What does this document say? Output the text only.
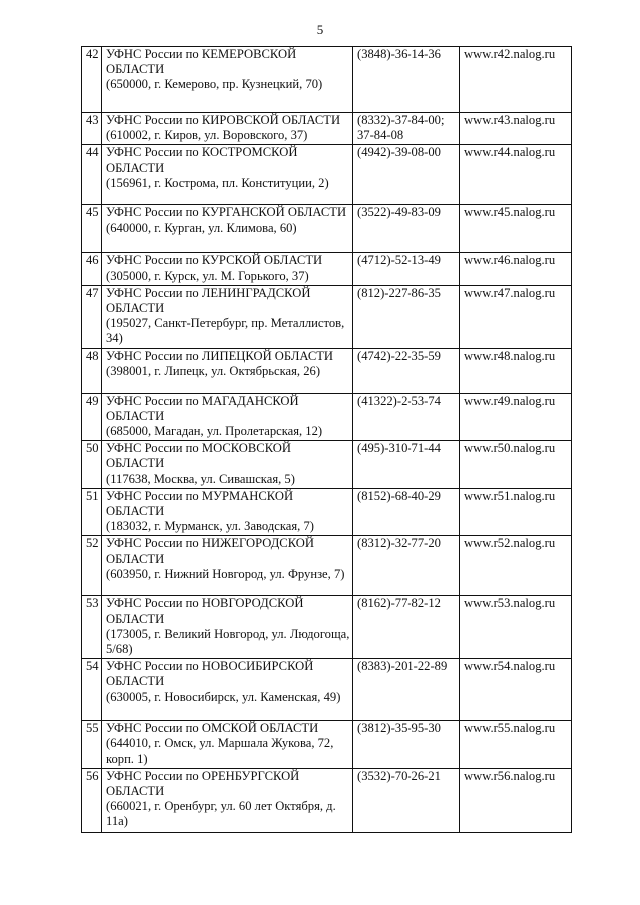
5
42	УФНС России по КЕМЕРОВСКОЙ ОБЛАСТИ
(650000, г. Кемерово, пр. Кузнецкий, 70)	(3848)-36-14-36	www.r42.nalog.ru
43	УФНС России по КИРОВСКОЙ ОБЛАСТИ
(610002, г. Киров, ул. Воровского, 37)	(8332)-37-84-00;
37-84-08	www.r43.nalog.ru
44	УФНС России по КОСТРОМСКОЙ ОБЛАСТИ
(156961, г. Кострома, пл. Конституции, 2)	(4942)-39-08-00	www.r44.nalog.ru
45	УФНС России по КУРГАНСКОЙ ОБЛАСТИ
(640000, г. Курган, ул. Климова, 60)	(3522)-49-83-09	www.r45.nalog.ru
46	УФНС России по КУРСКОЙ ОБЛАСТИ
(305000, г. Курск, ул. М. Горького, 37)	(4712)-52-13-49	www.r46.nalog.ru
47	УФНС России по ЛЕНИНГРАДСКОЙ ОБЛАСТИ
(195027, Санкт-Петербург, пр. Металлистов, 34)	(812)-227-86-35	www.r47.nalog.ru
48	УФНС России по ЛИПЕЦКОЙ ОБЛАСТИ
(398001, г. Липецк, ул. Октябрьская, 26)	(4742)-22-35-59	www.r48.nalog.ru
49	УФНС России по МАГАДАНСКОЙ ОБЛАСТИ
(685000, Магадан, ул. Пролетарская, 12)	(41322)-2-53-74	www.r49.nalog.ru
50	УФНС России по МОСКОВСКОЙ ОБЛАСТИ
(117638, Москва, ул. Сивашская, 5)	(495)-310-71-44	www.r50.nalog.ru
51	УФНС России по МУРМАНСКОЙ ОБЛАСТИ
(183032, г. Мурманск, ул. Заводская, 7)	(8152)-68-40-29	www.r51.nalog.ru
52	УФНС России по НИЖЕГОРОДСКОЙ ОБЛАСТИ
(603950, г. Нижний Новгород, ул. Фрунзе, 7)	(8312)-32-77-20	www.r52.nalog.ru
53	УФНС России по НОВГОРОДСКОЙ ОБЛАСТИ
(173005, г. Великий Новгород, ул. Людогоща, 5/68)	(8162)-77-82-12	www.r53.nalog.ru
54	УФНС России по НОВОСИБИРСКОЙ ОБЛАСТИ
(630005, г. Новосибирск, ул. Каменская, 49)	(8383)-201-22-89	www.r54.nalog.ru
55	УФНС России по ОМСКОЙ ОБЛАСТИ
(644010, г. Омск, ул. Маршала Жукова, 72, корп. 1)	(3812)-35-95-30	www.r55.nalog.ru
56	УФНС России по ОРЕНБУРГСКОЙ ОБЛАСТИ
(660021, г. Оренбург, ул. 60 лет Октября, д. 11а)	(3532)-70-26-21	www.r56.nalog.ru
